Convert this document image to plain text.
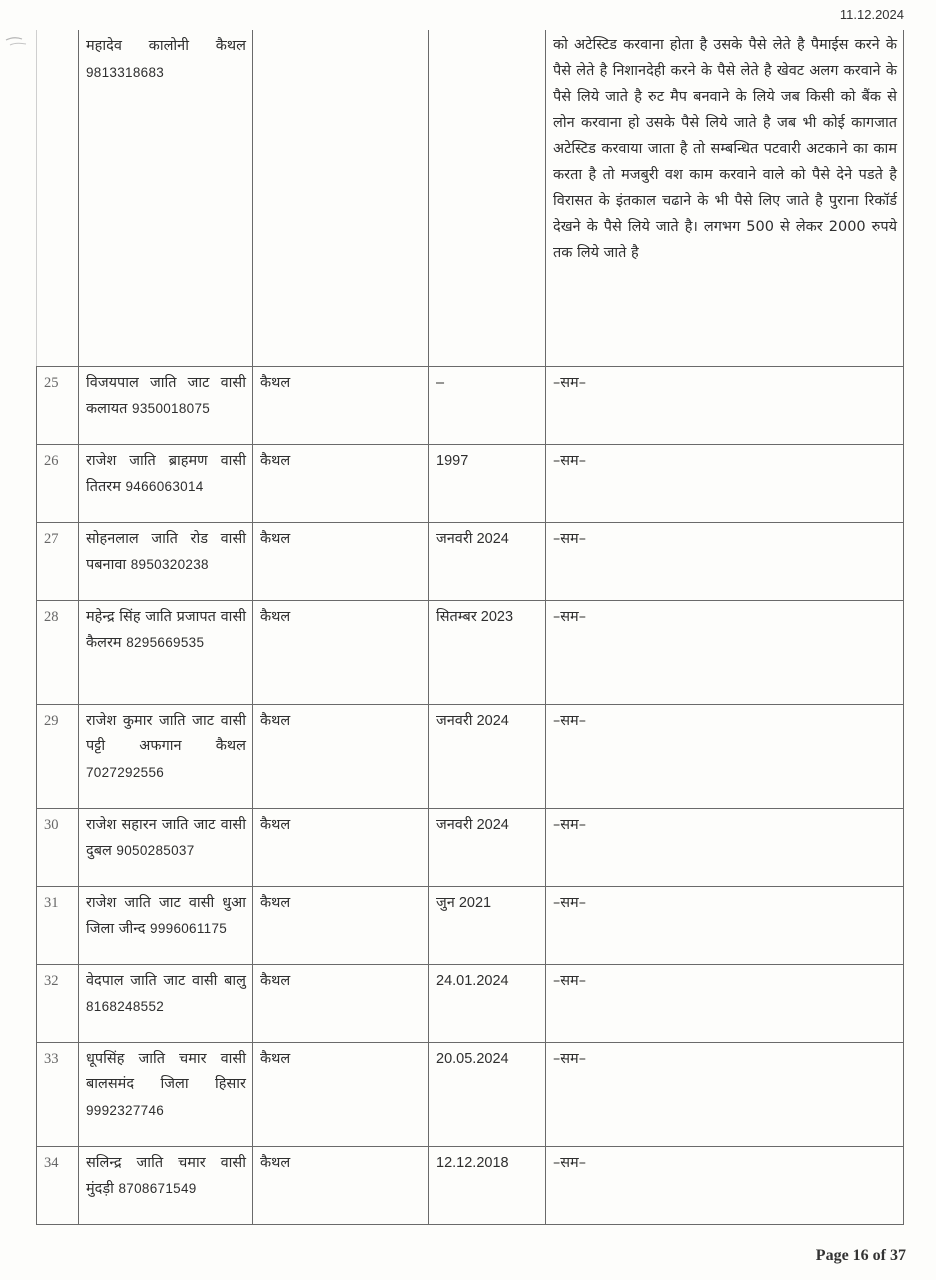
11.12.2024
	महादेव कालोनी कैथल 9813318683			को अटेस्टिड करवाना होता है उसके पैसे लेते है पैमाईस करने के पैसे लेते है निशानदेही करने के पैसे लेते है खेवट अलग करवाने के पैसे लिये जाते है रुट मैप बनवाने के लिये जब किसी को बैंक से लोन करवाना हो उसके पैसे लिये जाते है जब भी कोई कागजात अटेस्टिड करवाया जाता है तो सम्बन्धित पटवारी अटकाने का काम करता है तो मजबुरी वश काम करवाने वाले को पैसे देने पडते है विरासत के इंतकाल चढाने के भी पैसे लिए जाते है पुराना रिकॉर्ड देखने के पैसे लिये जाते है। लगभग 500 से लेकर 2000 रुपये तक लिये जाते है
25	विजयपाल जाति जाट वासी कलायत 9350018075	कैथल	–	–सम–
26	राजेश जाति ब्राहमण वासी तितरम 9466063014	कैथल	1997	–सम–
27	सोहनलाल जाति रोड वासी पबनावा 8950320238	कैथल	जनवरी 2024	–सम–
28	महेन्द्र सिंह जाति प्रजापत वासी कैलरम 8295669535	कैथल	सितम्बर 2023	–सम–
29	राजेश कुमार जाति जाट वासी पट्टी अफगान कैथल 7027292556	कैथल	जनवरी 2024	–सम–
30	राजेश सहारन जाति जाट वासी दुबल 9050285037	कैथल	जनवरी 2024	–सम–
31	राजेश जाति जाट वासी धुआ जिला जीन्द 9996061175	कैथल	जुन 2021	–सम–
32	वेदपाल जाति जाट वासी बालु 8168248552	कैथल	24.01.2024	–सम–
33	धूपसिंह जाति चमार वासी बालसमंद जिला हिसार 9992327746	कैथल	20.05.2024	–सम–
34	सलिन्द्र जाति चमार वासी मुंदड़ी 8708671549	कैथल	12.12.2018	–सम–
Page 16 of 37
